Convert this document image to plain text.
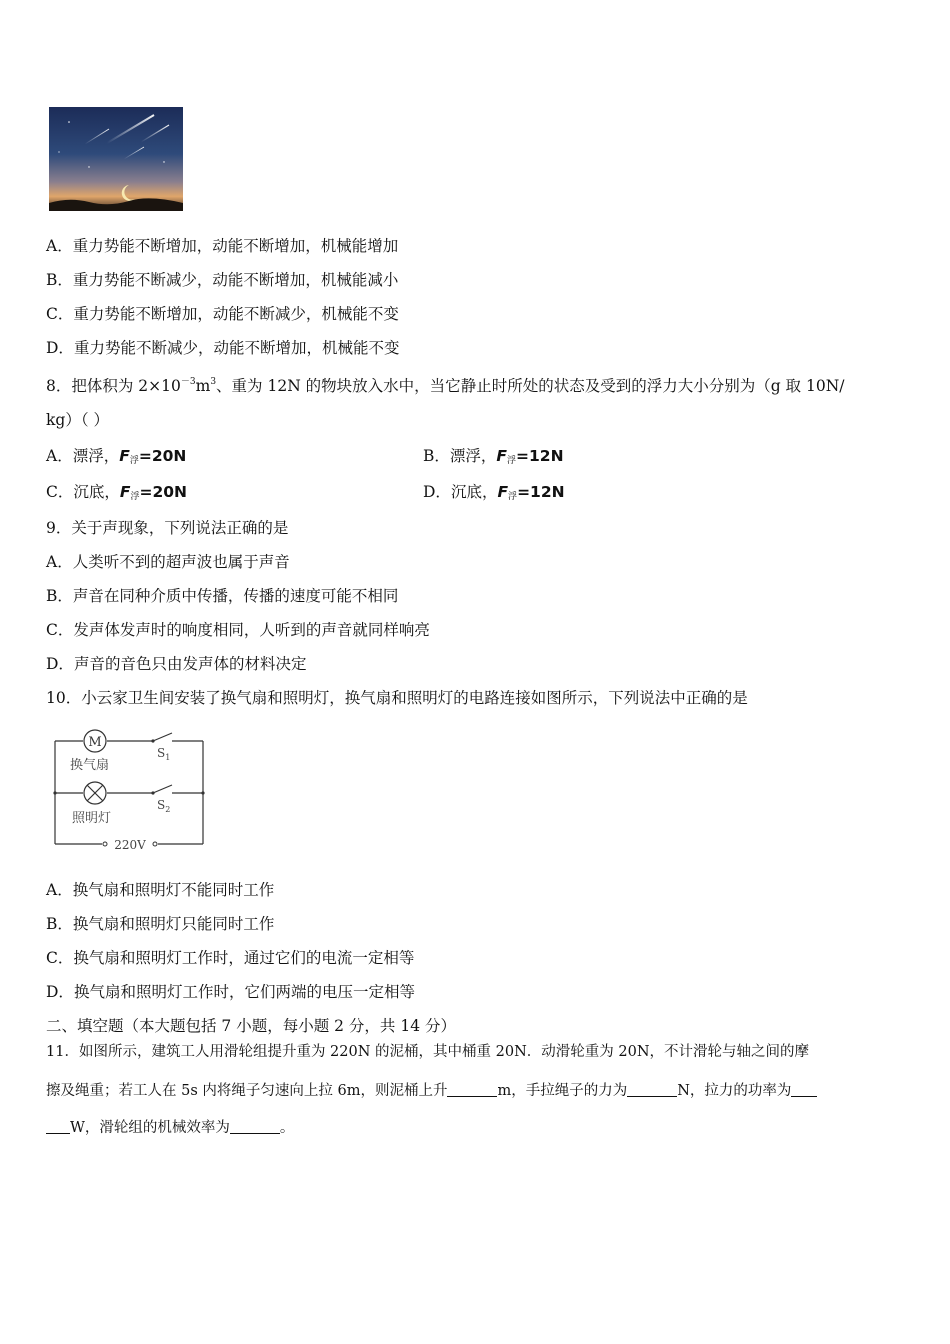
A．重力势能不断增加，动能不断增加，机械能增加
B．重力势能不断减少，动能不断增加，机械能减小
C．重力势能不断增加，动能不断减少，机械能不变
D．重力势能不断减少，动能不断增加，机械能不变
8．把体积为 $2\times 10^{-3}m^3$、重为 12N 的物块放入水中，当它静止时所处的状态及受到的浮力大小分别为（g 取 10N/
kg）（ ）
A．漂浮，$F_浮=20N$	B．漂浮，$F_浮=12N$
C．沉底，$F_浮=20N$	D．沉底，$F_浮=12N$
9．关于声现象，下列说法正确的是
A．人类听不到的超声波也属于声音
B．声音在同种介质中传播，传播的速度可能不相同
C．发声体发声时的响度相同，人听到的声音就同样响亮
D．声音的音色只由发声体的材料决定
10．小云家卫生间安装了换气扇和照明灯，换气扇和照明灯的电路连接如图所示，下列说法中正确的是
M
换气扇
照明灯
$S_1$
$S_2$
220V
A．换气扇和照明灯不能同时工作
B．换气扇和照明灯只能同时工作
C．换气扇和照明灯工作时，通过它们的电流一定相等
D．换气扇和照明灯工作时，它们两端的电压一定相等
二、填空题（本大题包括 7 小题，每小题 2 分，共 14 分）
11．如图所示，建筑工人用滑轮组提升重为 220N 的泥桶，其中桶重 20N．动滑轮重为 20N，不计滑轮与轴之间的摩
擦及绳重；若工人在 5s 内将绳子匀速向上拉 6m，则泥桶上升	m，手拉绳子的力为	N，拉力的功率为
W，滑轮组的机械效率为	。
